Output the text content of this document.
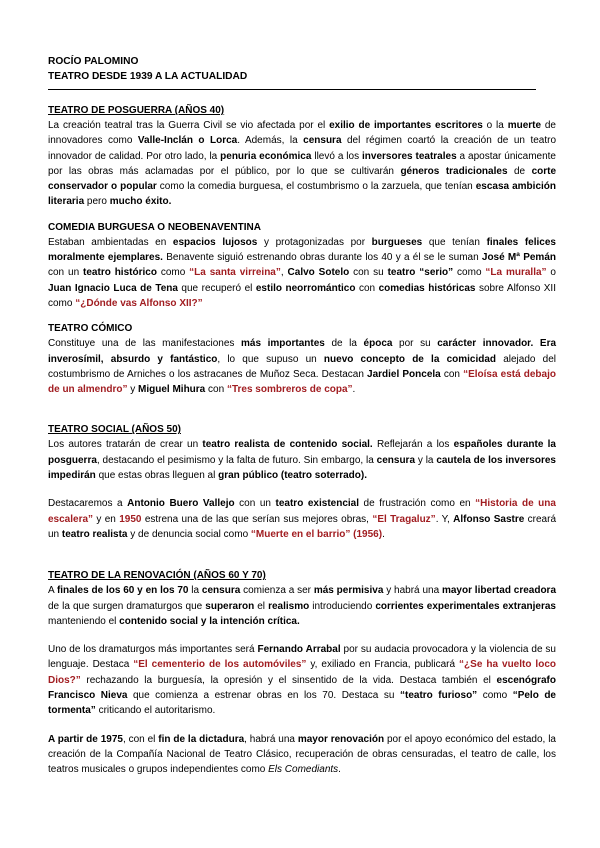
ROCÍO PALOMINO
TEATRO DESDE 1939 A LA ACTUALIDAD
TEATRO DE POSGUERRA (AÑOS 40)

La creación teatral tras la Guerra Civil se vio afectada por el exilio de importantes escritores o la muerte de innovadores como Valle-Inclán o Lorca. Además, la censura del régimen coartó la creación de un teatro innovador de calidad. Por otro lado, la penuria económica llevó a los inversores teatrales a apostar únicamente por las obras más aclamadas por el público, por lo que se cultivarán géneros tradicionales de corte conservador o popular como la comedia burguesa, el costumbrismo o la zarzuela, que tenían escasa ambición literaria pero mucho éxito.

COMEDIA BURGUESA O NEOBENAVENTINA

Estaban ambientadas en espacios lujosos y protagonizadas por burgueses que tenían finales felices moralmente ejemplares. Benavente siguió estrenando obras durante los 40 y a él se le suman José Mª Pemán con un teatro histórico como “La santa virreina”, Calvo Sotelo con su teatro “serio” como “La muralla” o Juan Ignacio Luca de Tena que recuperó el estilo neorromántico con comedias históricas sobre Alfonso XII como “¿Dónde vas Alfonso XII?”

TEATRO CÓMICO

Constituye una de las manifestaciones más importantes de la época por su carácter innovador. Era inverosímil, absurdo y fantástico, lo que supuso un nuevo concepto de la comicidad alejado del costumbrismo de Arniches o los astracanes de Muñoz Seca. Destacan Jardiel Poncela con “Eloísa está debajo de un almendro” y Miguel Mihura con “Tres sombreros de copa”.

TEATRO SOCIAL (AÑOS 50)

Los autores tratarán de crear un teatro realista de contenido social. Reflejarán a los españoles durante la posguerra, destacando el pesimismo y la falta de futuro. Sin embargo, la censura y la cautela de los inversores impedirán que estas obras lleguen al gran público (teatro soterrado).

Destacaremos a Antonio Buero Vallejo con un teatro existencial de frustración como en “Historia de una escalera” y en 1950 estrena una de las que serían sus mejores obras, “El Tragaluz”. Y, Alfonso Sastre creará un teatro realista y de denuncia social como “Muerte en el barrio” (1956).

TEATRO DE LA RENOVACIÓN (AÑOS 60 Y 70)

A finales de los 60 y en los 70 la censura comienza a ser más permisiva y habrá una mayor libertad creadora de la que surgen dramaturgos que superaron el realismo introduciendo corrientes experimentales extranjeras manteniendo el contenido social y la intención crítica.

Uno de los dramaturgos más importantes será Fernando Arrabal por su audacia provocadora y la violencia de su lenguaje. Destaca “El cementerio de los automóviles” y, exiliado en Francia, publicará “¿Se ha vuelto loco Dios?” rechazando la burguesía, la opresión y el sinsentido de la vida. Destaca también el escenógrafo Francisco Nieva que comienza a estrenar obras en los 70. Destaca su “teatro furioso” como “Pelo de tormenta” criticando el autoritarismo.

A partir de 1975, con el fin de la dictadura, habrá una mayor renovación por el apoyo económico del estado, la creación de la Compañía Nacional de Teatro Clásico, recuperación de obras censuradas, el teatro de calle, los teatros musicales o grupos independientes como Els Comediants.
